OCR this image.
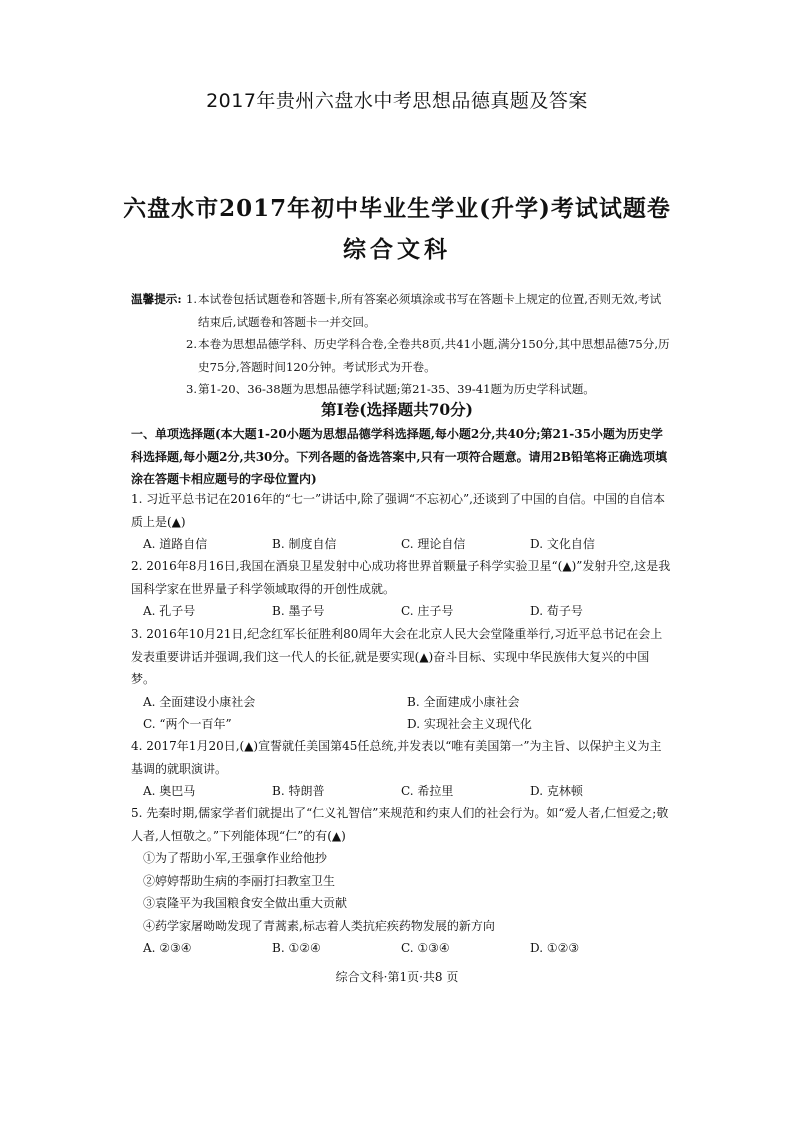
2017年贵州六盘水中考思想品德真题及答案
六盘水市2017年初中毕业生学业(升学)考试试题卷
综合文科
温馨提示: 1. 本试卷包括试题卷和答题卡,所有答案必须填涂或书写在答题卡上规定的位置,否则无效,考试结束后,试题卷和答题卡一并交回。
2. 本卷为思想品德学科、历史学科合卷,全卷共8页,共41小题,满分150分,其中思想品德75分,历史75分,答题时间120分钟。考试形式为开卷。
3. 第1-20、36-38题为思想品德学科试题;第21-35、39-41题为历史学科试题。
第Ⅰ卷(选择题共70分)
一、单项选择题(本大题1-20小题为思想品德学科选择题,每小题2分,共40分;第21-35小题为历史学科选择题,每小题2分,共30分。下列各题的备选答案中,只有一项符合题意。请用2B铅笔将正确选项填涂在答题卡相应题号的字母位置内)
1. 习近平总书记在2016年的“七一”讲话中,除了强调“不忘初心”,还谈到了中国的自信。中国的自信本质上是(▲)
A. 道路自信	B. 制度自信	C. 理论自信	D. 文化自信
2. 2016年8月16日,我国在酒泉卫星发射中心成功将世界首颗量子科学实验卫星“(▲)”发射升空,这是我国科学家在世界量子科学领域取得的开创性成就。
A. 孔子号	B. 墨子号	C. 庄子号	D. 荀子号
3. 2016年10月21日,纪念红军长征胜利80周年大会在北京人民大会堂隆重举行,习近平总书记在会上发表重要讲话并强调,我们这一代人的长征,就是要实现(▲)奋斗目标、实现中华民族伟大复兴的中国梦。
A. 全面建设小康社会	B. 全面建成小康社会
C. “两个一百年”	D. 实现社会主义现代化
4. 2017年1月20日,(▲)宣誓就任美国第45任总统,并发表以“唯有美国第一”为主旨、以保护主义为主基调的就职演讲。
A. 奥巴马	B. 特朗普	C. 希拉里	D. 克林顿
5. 先秦时期,儒家学者们就提出了“仁义礼智信”来规范和约束人们的社会行为。如“爱人者,仁恒爱之;敬人者,人恒敬之。”下列能体现“仁”的有(▲)
①为了帮助小军,王强拿作业给他抄
②婷婷帮助生病的李丽打扫教室卫生
③袁隆平为我国粮食安全做出重大贡献
④药学家屠呦呦发现了青蒿素,标志着人类抗疟疾药物发展的新方向
A. ②③④	B. ①②④	C. ①③④	D. ①②③
综合文科·第1页·共8 页
